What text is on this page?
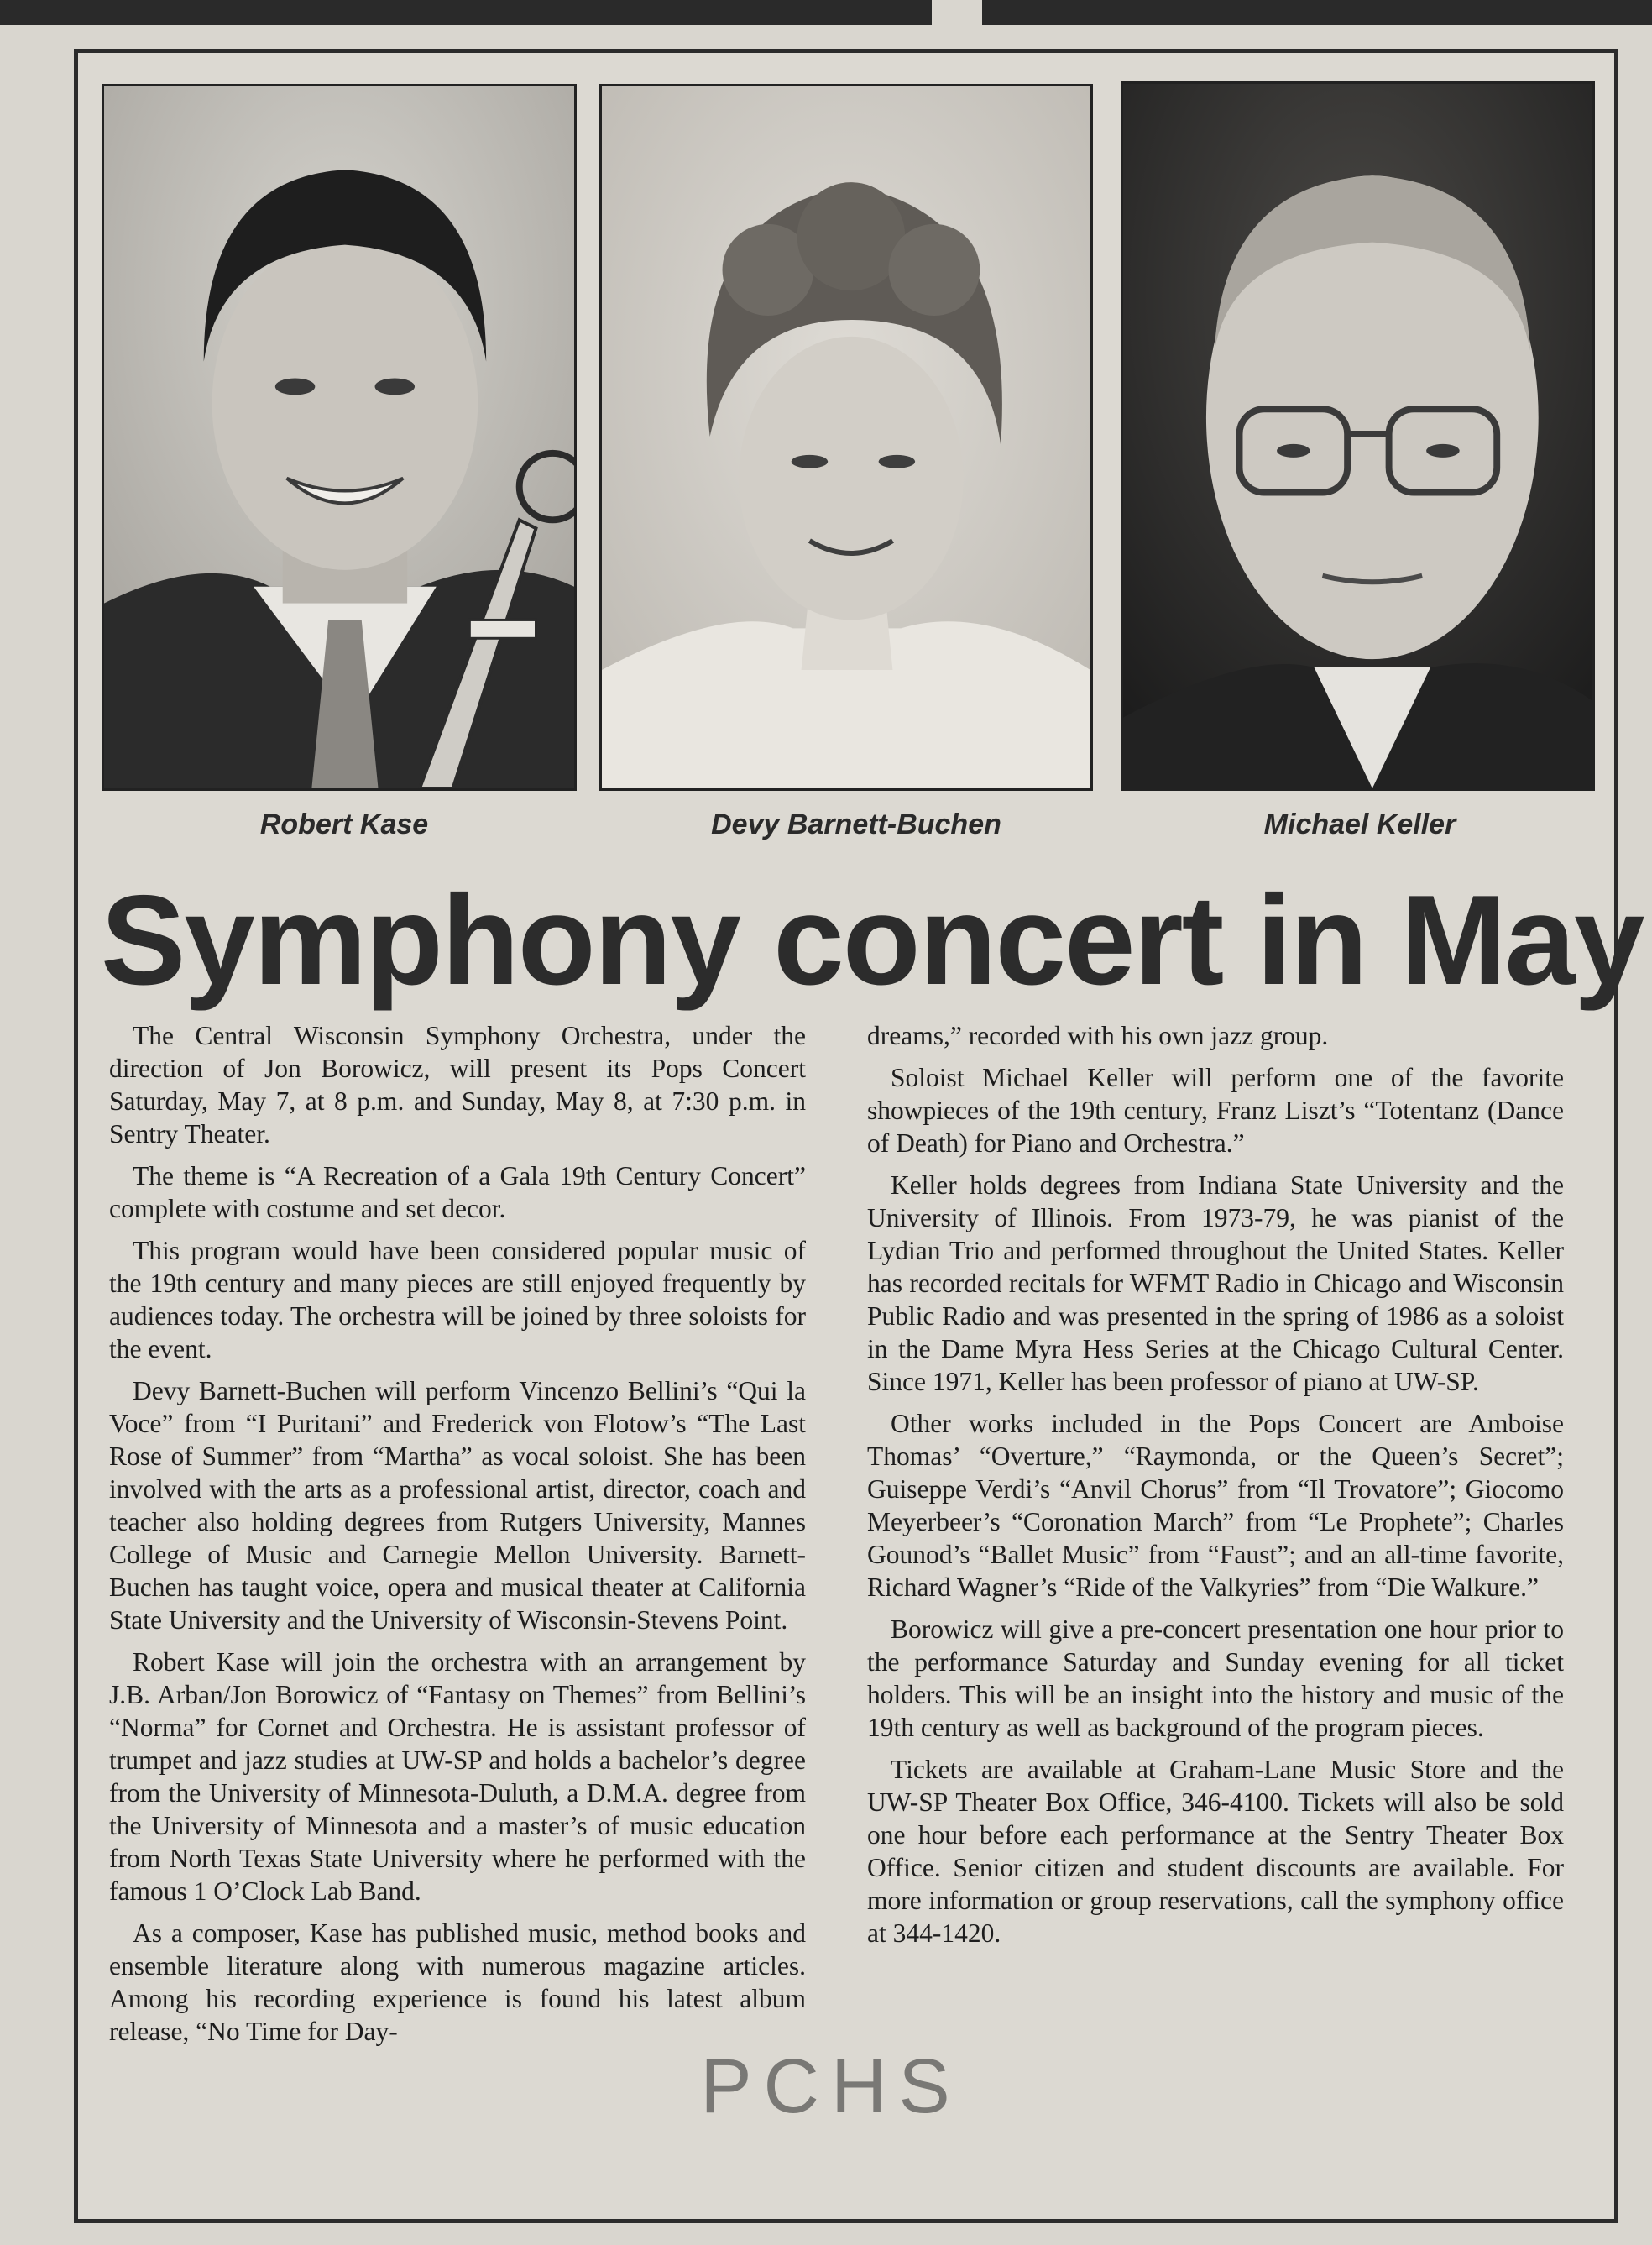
Robert Kase	Devy Barnett-Buchen	Michael Keller
Symphony concert in May

The Central Wisconsin Symphony Orchestra, under the direction of Jon Borowicz, will present its Pops Concert Saturday, May 7, at 8 p.m. and Sunday, May 8, at 7:30 p.m. in Sentry Theater.

The theme is “A Recreation of a Gala 19th Century Concert” complete with costume and set decor.

This program would have been considered popular music of the 19th century and many pieces are still enjoyed frequently by audiences today. The orchestra will be joined by three soloists for the event.

Devy Barnett-Buchen will perform Vincenzo Bellini’s “Qui la Voce” from “I Puritani” and Frederick von Flotow’s “The Last Rose of Summer” from “Martha” as vocal soloist. She has been involved with the arts as a professional artist, director, coach and teacher also holding degrees from Rutgers University, Mannes College of Music and Carnegie Mellon University. Barnett-Buchen has taught voice, opera and musical theater at California State University and the University of Wisconsin-Stevens Point.

Robert Kase will join the orchestra with an arrangement by J.B. Arban/Jon Borowicz of “Fantasy on Themes” from Bellini’s “Norma” for Cornet and Orchestra. He is assistant professor of trumpet and jazz studies at UW-SP and holds a bachelor’s degree from the University of Minnesota-Duluth, a D.M.A. degree from the University of Minnesota and a master’s of music education from North Texas State University where he performed with the famous 1 O’Clock Lab Band.

As a composer, Kase has published music, method books and ensemble literature along with numerous magazine articles. Among his recording experience is found his latest album release, “No Time for Day-

dreams,” recorded with his own jazz group.

Soloist Michael Keller will perform one of the favorite showpieces of the 19th century, Franz Liszt’s “Totentanz (Dance of Death) for Piano and Orchestra.”

Keller holds degrees from Indiana State University and the University of Illinois. From 1973-79, he was pianist of the Lydian Trio and performed throughout the United States. Keller has recorded recitals for WFMT Radio in Chicago and Wisconsin Public Radio and was presented in the spring of 1986 as a soloist in the Dame Myra Hess Series at the Chicago Cultural Center. Since 1971, Keller has been professor of piano at UW-SP.

Other works included in the Pops Concert are Amboise Thomas’ “Overture,” “Raymonda, or the Queen’s Secret”; Guiseppe Verdi’s “Anvil Chorus” from “Il Trovatore”; Giocomo Meyerbeer’s “Coronation March” from “Le Prophete”; Charles Gounod’s “Ballet Music” from “Faust”; and an all-time favorite, Richard Wagner’s “Ride of the Valkyries” from “Die Walkure.”

Borowicz will give a pre-concert presentation one hour prior to the performance Saturday and Sunday evening for all ticket holders. This will be an insight into the history and music of the 19th century as well as background of the program pieces.

Tickets are available at Graham-Lane Music Store and the UW-SP Theater Box Office, 346-4100. Tickets will also be sold one hour before each performance at the Sentry Theater Box Office. Senior citizen and student discounts are available. For more information or group reservations, call the symphony office at 344-1420.

PCHS
